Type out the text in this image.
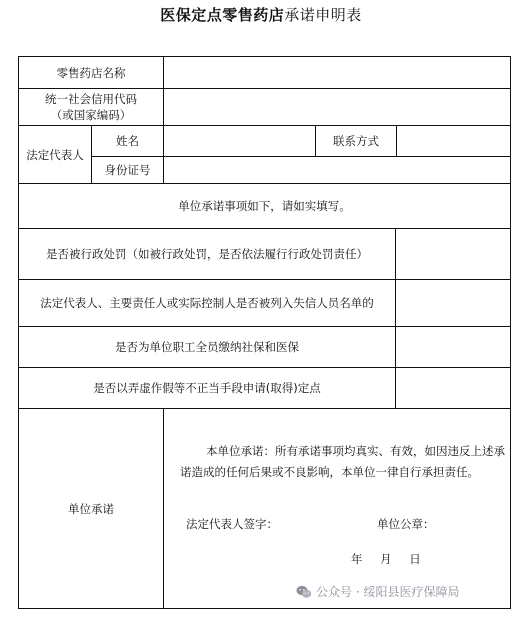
医保定点零售药店承诺申明表
零售药店名称
统一社会信用代码
（或国家编码）
法定代表人
姓名	联系方式
身份证号
单位承诺事项如下，请如实填写。
是否被行政处罚（如被行政处罚，是否依法履行行政处罚责任）
法定代表人、主要责任人或实际控制人是否被列入失信人员名单的
是否为单位职工全员缴纳社保和医保
是否以弄虚作假等不正当手段申请(取得)定点
单位承诺
本单位承诺：所有承诺事项均真实、有效，如因违反上述承诺造成的任何后果或不良影响，本单位一律自行承担责任。
法定代表人签字：	单位公章：
年 月 日
公众号 · 绥阳县医疗保障局
